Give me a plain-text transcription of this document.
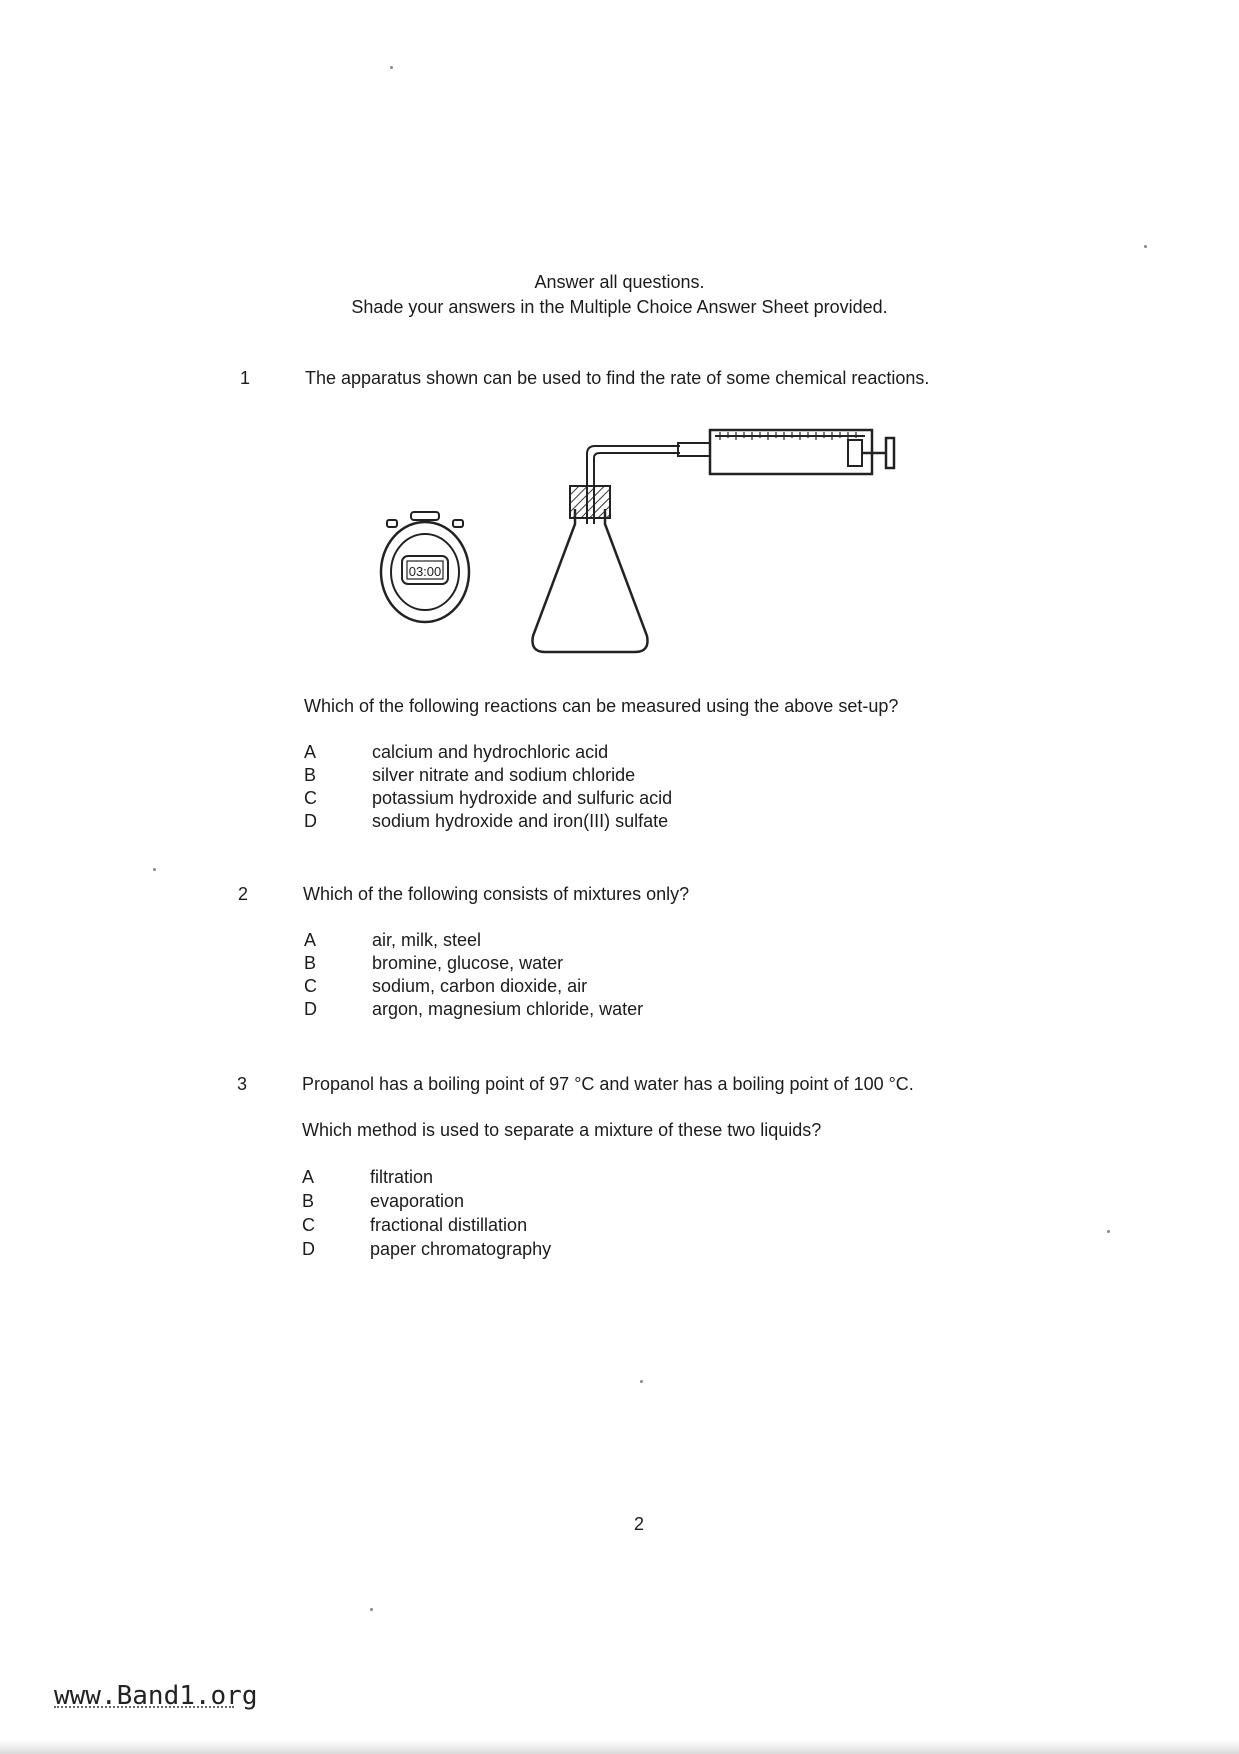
Answer all questions.
Shade your answers in the Multiple Choice Answer Sheet provided.
1	The apparatus shown can be used to find the rate of some chemical reactions.
03:00
Which of the following reactions can be measured using the above set-up?
A	calcium and hydrochloric acid
B	silver nitrate and sodium chloride
C	potassium hydroxide and sulfuric acid
D	sodium hydroxide and iron(III) sulfate
2	Which of the following consists of mixtures only?
A	air, milk, steel
B	bromine, glucose, water
C	sodium, carbon dioxide, air
D	argon, magnesium chloride, water
3	Propanol has a boiling point of 97 °C and water has a boiling point of 100 °C.
Which method is used to separate a mixture of these two liquids?
A	filtration
B	evaporation
C	fractional distillation
D	paper chromatography
2
www.Band1.org
